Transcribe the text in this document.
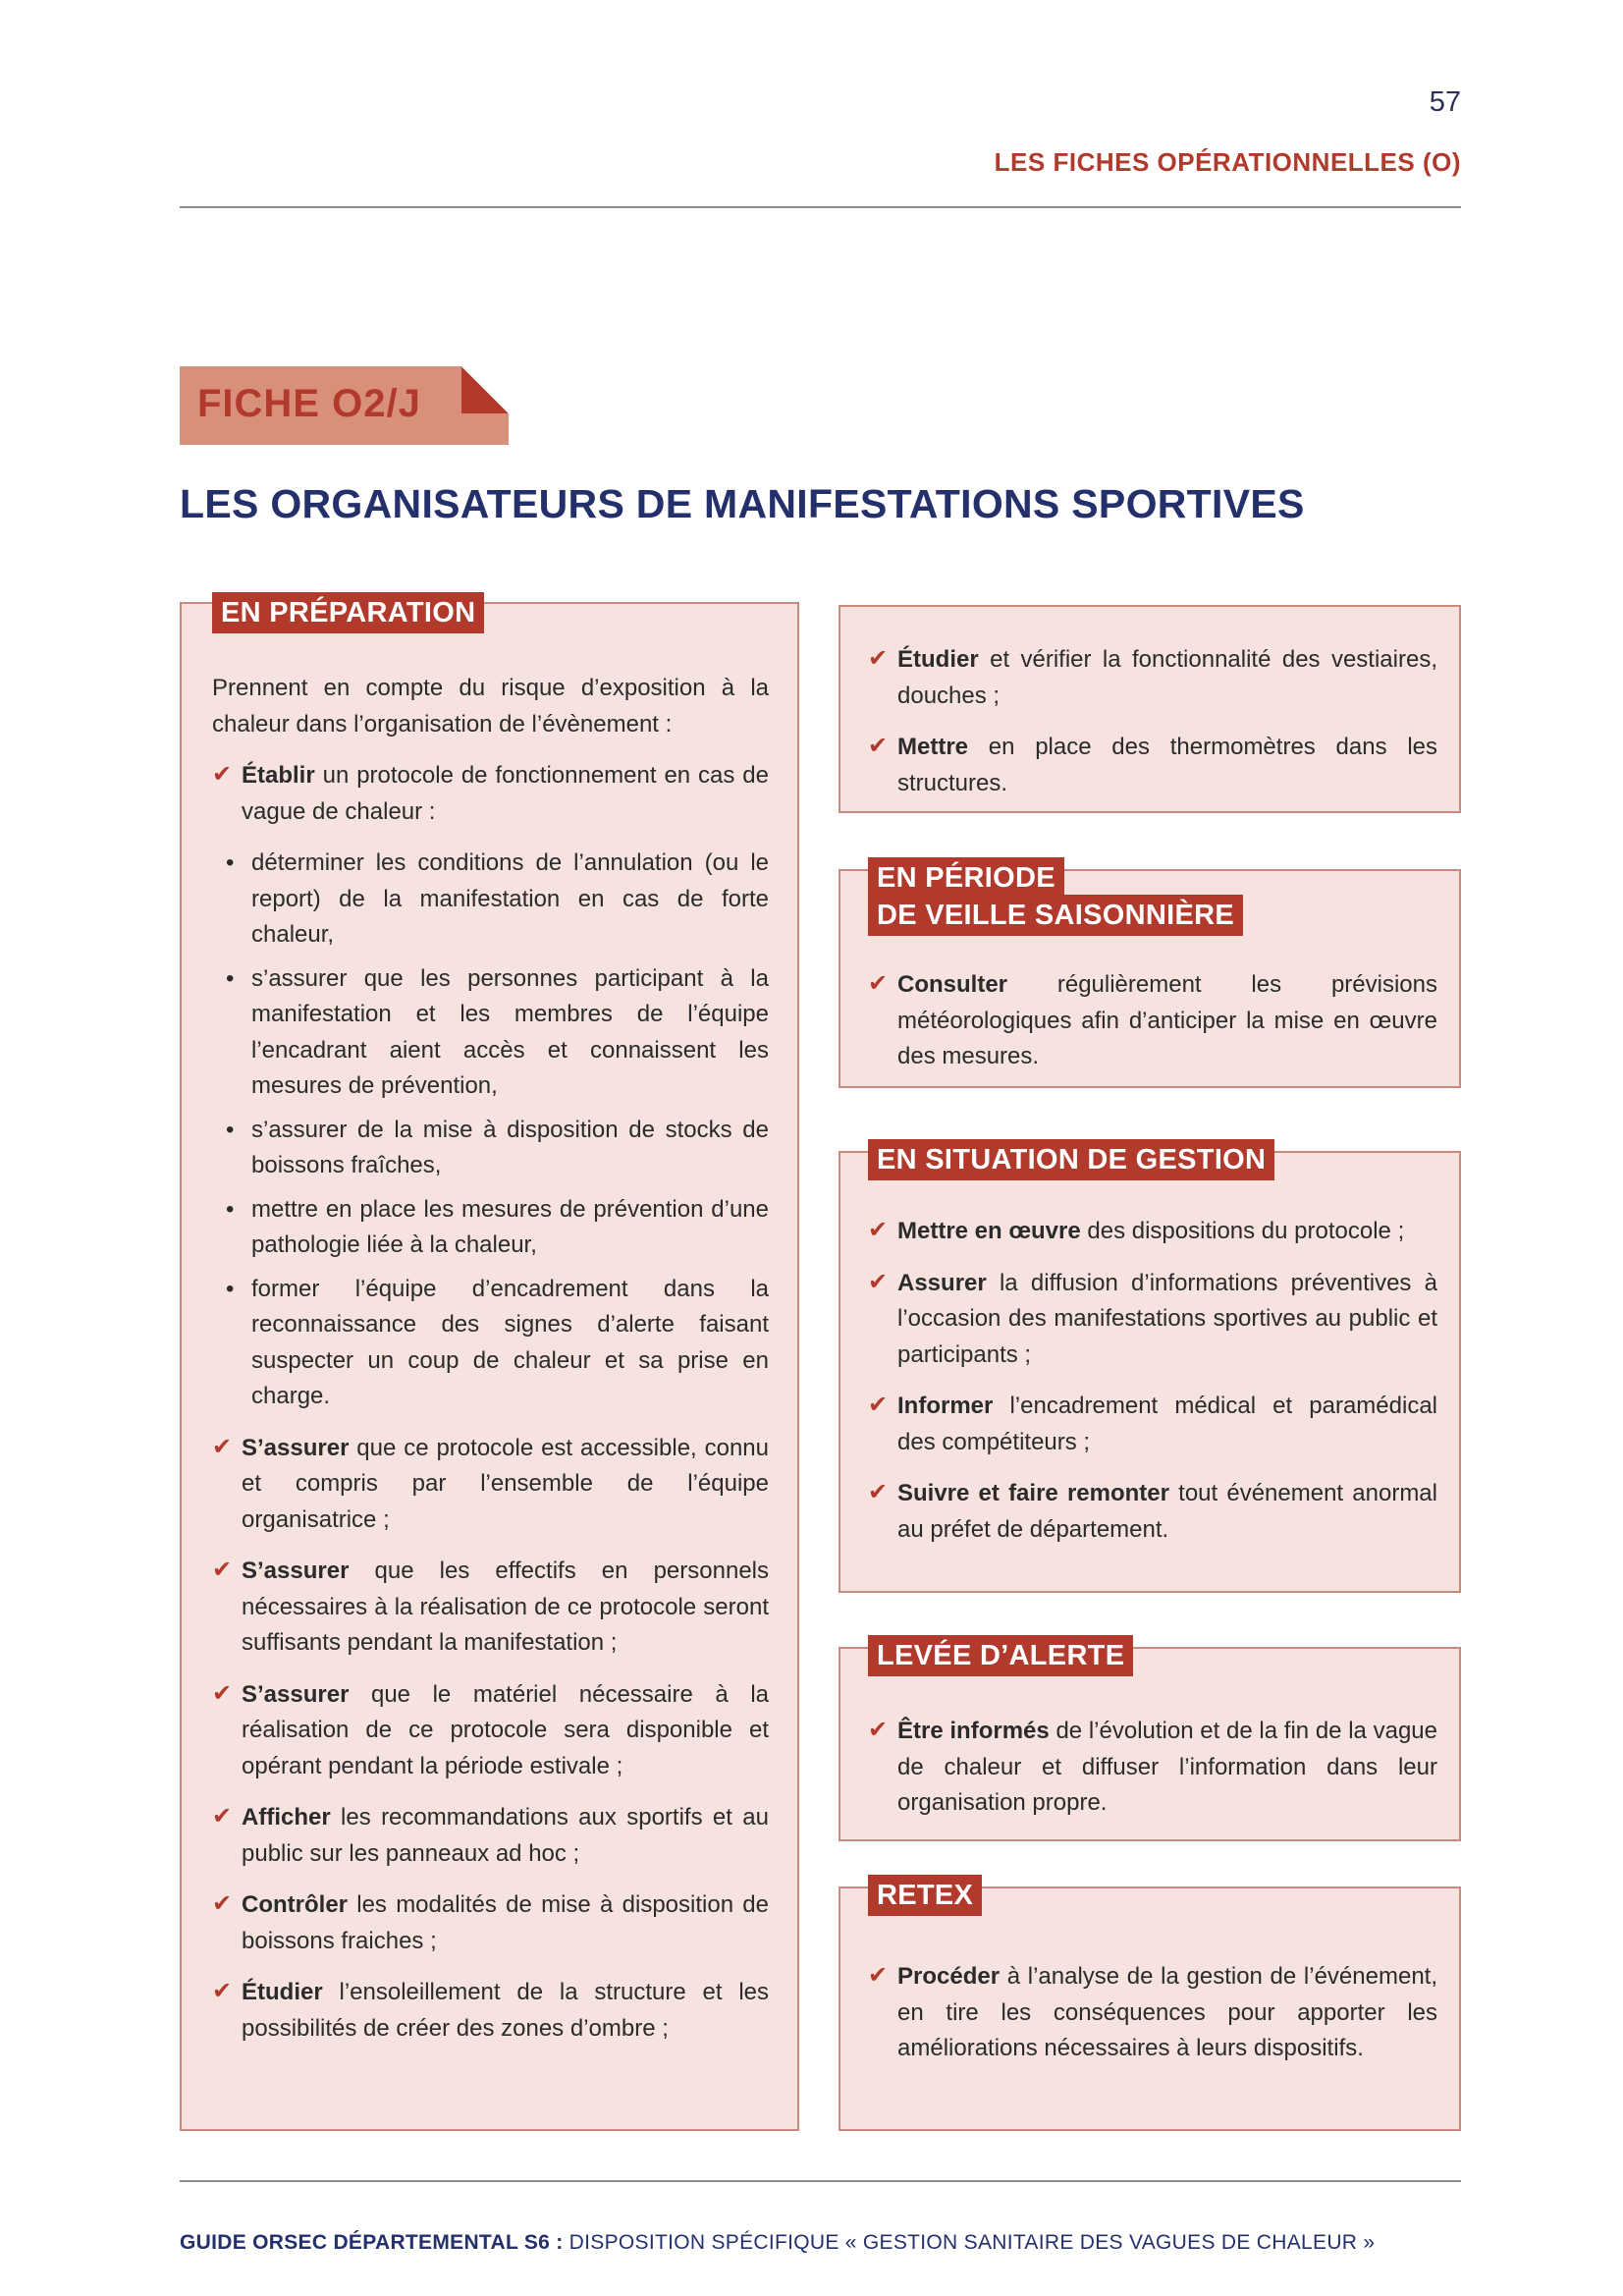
57
LES FICHES OPÉRATIONNELLES (O)
FICHE O2/J
LES ORGANISATEURS DE MANIFESTATIONS SPORTIVES
EN PRÉPARATION

Prennent en compte du risque d’exposition à la chaleur dans l’organisation de l’évènement :

✔ Établir un protocole de fonctionnement en cas de vague de chaleur :
• déterminer les conditions de l’annulation (ou le report) de la manifestation en cas de forte chaleur,
• s’assurer que les personnes participant à la manifestation et les membres de l’équipe l’encadrant aient accès et connaissent les mesures de prévention,
• s’assurer de la mise à disposition de stocks de boissons fraîches,
• mettre en place les mesures de prévention d’une pathologie liée à la chaleur,
• former l’équipe d’encadrement dans la reconnaissance des signes d’alerte faisant suspecter un coup de chaleur et sa prise en charge.
✔ S’assurer que ce protocole est accessible, connu et compris par l’ensemble de l’équipe organisatrice ;
✔ S’assurer que les effectifs en personnels nécessaires à la réalisation de ce protocole seront suffisants pendant la manifestation ;
✔ S’assurer que le matériel nécessaire à la réalisation de ce protocole sera disponible et opérant pendant la période estivale ;
✔ Afficher les recommandations aux sportifs et au public sur les panneaux ad hoc ;
✔ Contrôler les modalités de mise à disposition de boissons fraiches ;
✔ Étudier l’ensoleillement de la structure et les possibilités de créer des zones d’ombre ;
✔ Étudier et vérifier la fonctionnalité des vestiaires, douches ;
✔ Mettre en place des thermomètres dans les structures.
EN PÉRIODE
DE VEILLE SAISONNIÈRE
✔ Consulter régulièrement les prévisions météorologiques afin d’anticiper la mise en œuvre des mesures.
EN SITUATION DE GESTION
✔ Mettre en œuvre des dispositions du protocole ;
✔ Assurer la diffusion d’informations préventives à l’occasion des manifestations sportives au public et participants ;
✔ Informer l’encadrement médical et paramédical des compétiteurs ;
✔ Suivre et faire remonter tout événement anormal au préfet de département.
LEVÉE D’ALERTE
✔ Être informés de l’évolution et de la fin de la vague de chaleur et diffuser l’information dans leur organisation propre.
RETEX
✔ Procéder à l’analyse de la gestion de l’événement, en tire les conséquences pour apporter les améliorations nécessaires à leurs dispositifs.
GUIDE ORSEC DÉPARTEMENTAL S6 : DISPOSITION SPÉCIFIQUE « GESTION SANITAIRE DES VAGUES DE CHALEUR »
